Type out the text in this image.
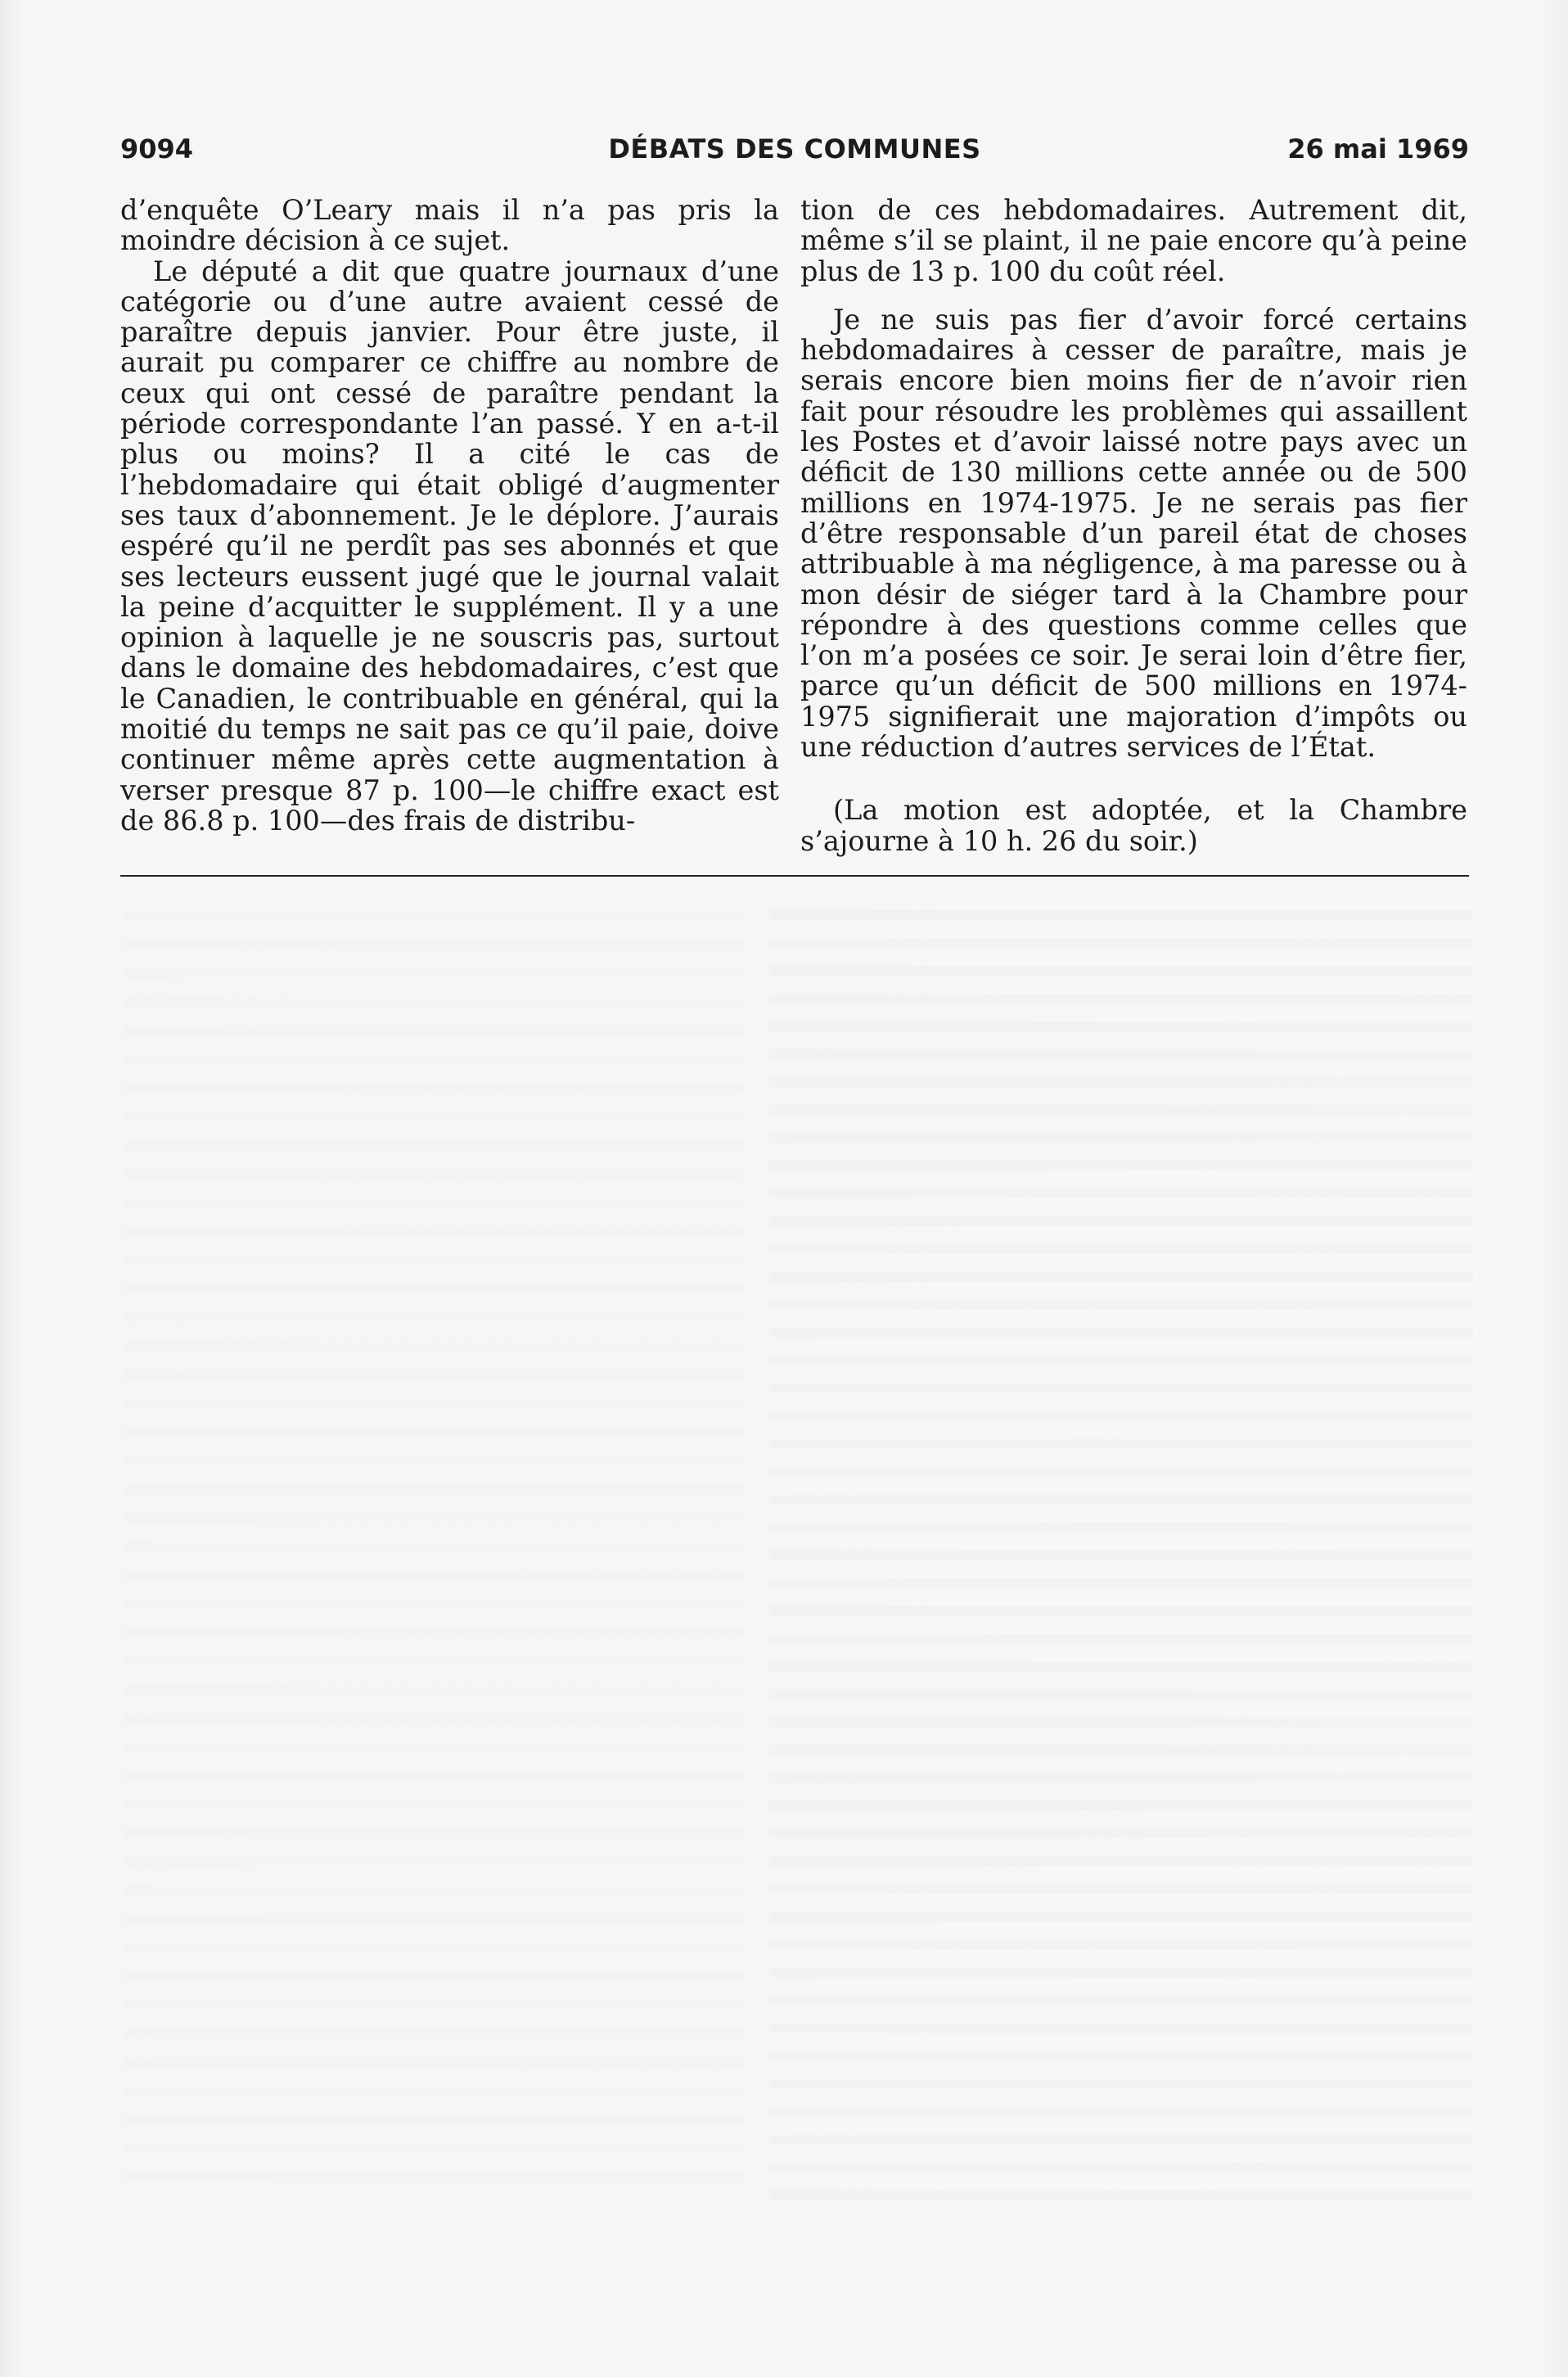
9094	DÉBATS DES COMMUNES	26 mai 1969

d’enquête O’Leary mais il n’a pas pris la moindre décision à ce sujet.

Le député a dit que quatre journaux d’une catégorie ou d’une autre avaient cessé de paraître depuis janvier. Pour être juste, il aurait pu comparer ce chiffre au nombre de ceux qui ont cessé de paraître pendant la période correspondante l’an passé. Y en a-t-il plus ou moins? Il a cité le cas de l’hebdomadaire qui était obligé d’augmenter ses taux d’abonnement. Je le déplore. J’aurais espéré qu’il ne perdît pas ses abonnés et que ses lecteurs eussent jugé que le journal valait la peine d’acquitter le supplément. Il y a une opinion à laquelle je ne souscris pas, surtout dans le domaine des hebdomadaires, c’est que le Canadien, le contribuable en général, qui la moitié du temps ne sait pas ce qu’il paie, doive continuer même après cette augmentation à verser presque 87 p. 100—le chiffre exact est de 86.8 p. 100—des frais de distribu-

tion de ces hebdomadaires. Autrement dit, même s’il se plaint, il ne paie encore qu’à peine plus de 13 p. 100 du coût réel.

Je ne suis pas fier d’avoir forcé certains hebdomadaires à cesser de paraître, mais je serais encore bien moins fier de n’avoir rien fait pour résoudre les problèmes qui assaillent les Postes et d’avoir laissé notre pays avec un déficit de 130 millions cette année ou de 500 millions en 1974-1975. Je ne serais pas fier d’être responsable d’un pareil état de choses attribuable à ma négligence, à ma paresse ou à mon désir de siéger tard à la Chambre pour répondre à des questions comme celles que l’on m’a posées ce soir. Je serai loin d’être fier, parce qu’un déficit de 500 millions en 1974-1975 signifierait une majoration d’impôts ou une réduction d’autres services de l’État.

(La motion est adoptée, et la Chambre s’ajourne à 10 h. 26 du soir.)
